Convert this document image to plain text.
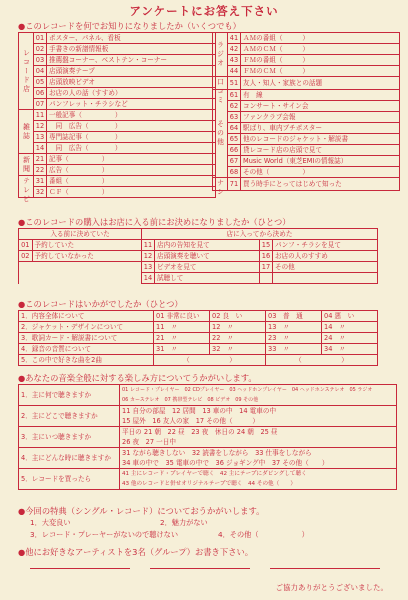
アンケートにお答え下さい
●このレコードを何でお知りになりましたか（いくつでも）
レコード店	01	ポスター、パネル、看板
	02	手書きの新譜情報板
	03	推薦盤コーナー、ベストテン・コーナー
	04	店頭演奏テープ
	05	店頭放映ビデオ
	06	お店の人の話（すすめ）
	07	パンフレット・チラシなど
雑誌	11	一般記事（　　　　　）
	12	　同　広告（　　　　）
	13	専門誌記事（　　　　）
	14	　同　広告（　　　　）
新聞	21	記事（　　　　　）
	22	広告（　　　　　）
テレビ	31	番組（　　　　　）
	32	ＣＦ（　　　　　）
ラジオ	41	ＡＭの番組（　　　）
	42	ＡＭのＣＭ（　　　）
	43	ＦＭの番組（　　　）
	44	ＦＭのＣＭ（　　　）
口コミ	51	友人・知人・家族との話題
その他	61	有　線
	62	コンサート・サイン会
	63	ファンクラブ会報
	64	駅ばり、車内ブチポスター
	65	他のレコードのジャケット・解説書
	66	貸レコード店の店頭で見て
	67	Music World（東芝EMIの情報誌）
	68	その他（　　　　　）
ナシ	71	買う時手にとってはじめて知った
●このレコードの購入はお店に入る前にお決めになりましたか（ひとつ）
入る前に決めていた		店に入ってから決めた			
01	予約していた	11	店内の告知を見て	15	パンフ・チラシを見て
02	予約していなかった	12	店頭演奏を聴いて	16	お店の人のすすめ
		13	ビデオを見て	17	その他
		14	試聴して		
●このレコードはいかがでしたか（ひとつ）
1．内容全体について	01 非常に良い	02 良　い	03　普　通	04 悪　い
2．ジャケット・デザインについて	11　〃	12　〃	13　〃	14　〃
3．歌詞カード・解説書について	21　〃	22　〃	23　〃	24　〃
4．録音の音質について	31　〃	32　〃	33　〃	34　〃
5．この中で好きな曲を2曲	（　　　　　　）		（　　　　　　）	
●あなたの音楽全般に対する楽しみ方についてうかがいします。
1．主に何で聴きますか	01 レコード・プレイヤー　02 CDプレイヤー　03 ヘッドホンプレイヤー　04 ヘッドホンステレオ　05 ラジオ
	06 カーステレオ　07 携帯型テレビ　08 ビデオ　09 その他
2．主にどこで聴きますか	11 自分の部屋　12 居間　13 車の中　14 電車の中
	15 屋外　16 友人の家　17 その他（　　　）
3．主にいつ聴きますか	平日の 21 朝　22 昼　23 夜　休日の 24 朝　25 昼
	26 夜　27 一日中
4．主にどんな時に聴きますか	31 ながら聴きしない　32 読書をしながら　33 仕事をしながら
	34 車の中で　35 電車の中で　36 ジョギング中　37 その他（　　）
5．レコードを買ったら	41 主にレコード・プレイヤーで聴く　42 主にテープにダビングして聴く
	43 他のレコードと併せオリジナルテープで聴く　44 その他（　　）
●今回の特典（シングル・レコード）についておうかがいします。
1．大変良い	2．魅力がない
3．レコード・プレーヤーがないので聴けない	4．その他（　　　　　　）
●他にお好きなアーティストを3名（グループ）お書き下さい。
ご協力ありがとうございました。
